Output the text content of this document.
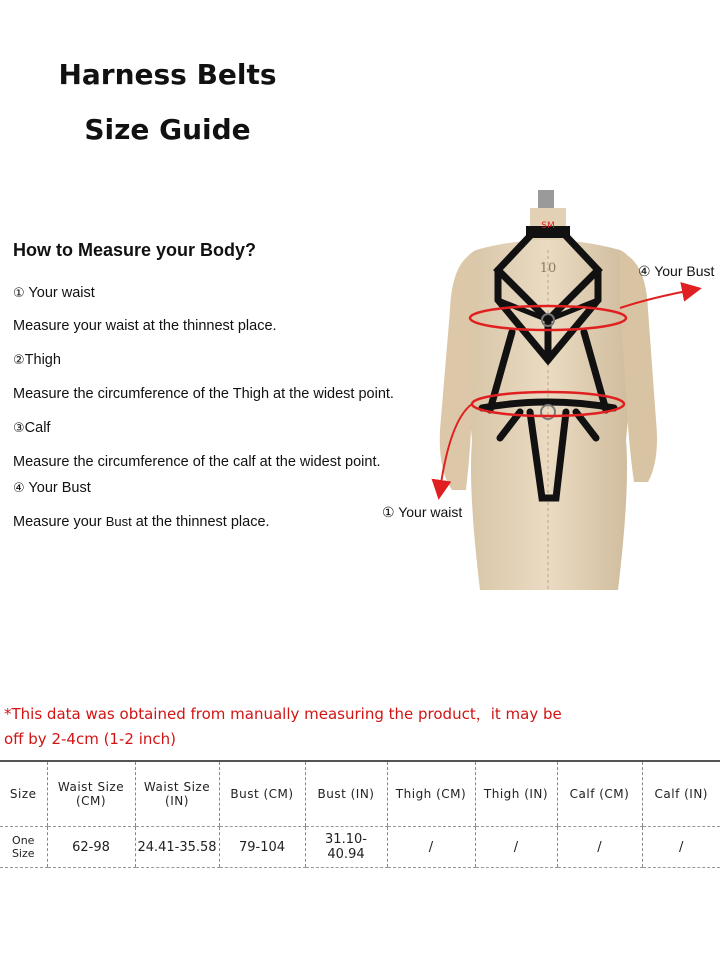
Harness Belts
Size Guide
How to Measure your Body?
① Your waist
Measure your waist at the thinnest place.
②Thigh
Measure the circumference of the Thigh at the widest point.
③Calf
Measure the circumference of the calf at the widest point.
④ Your Bust
Measure your Bust at the thinnest place.
10
SM
④ Your Bust
① Your waist
*This data was obtained from manually measuring the product，it may be off by 2-4cm (1-2 inch)
Size	Waist Size (CM)	Waist Size (IN)	Bust (CM)	Bust (IN)	Thigh (CM)	Thigh (IN)	Calf (CM)	Calf (IN)
One Size	62-98	24.41-35.58	79-104	31.10-40.94	/	/	/	/
